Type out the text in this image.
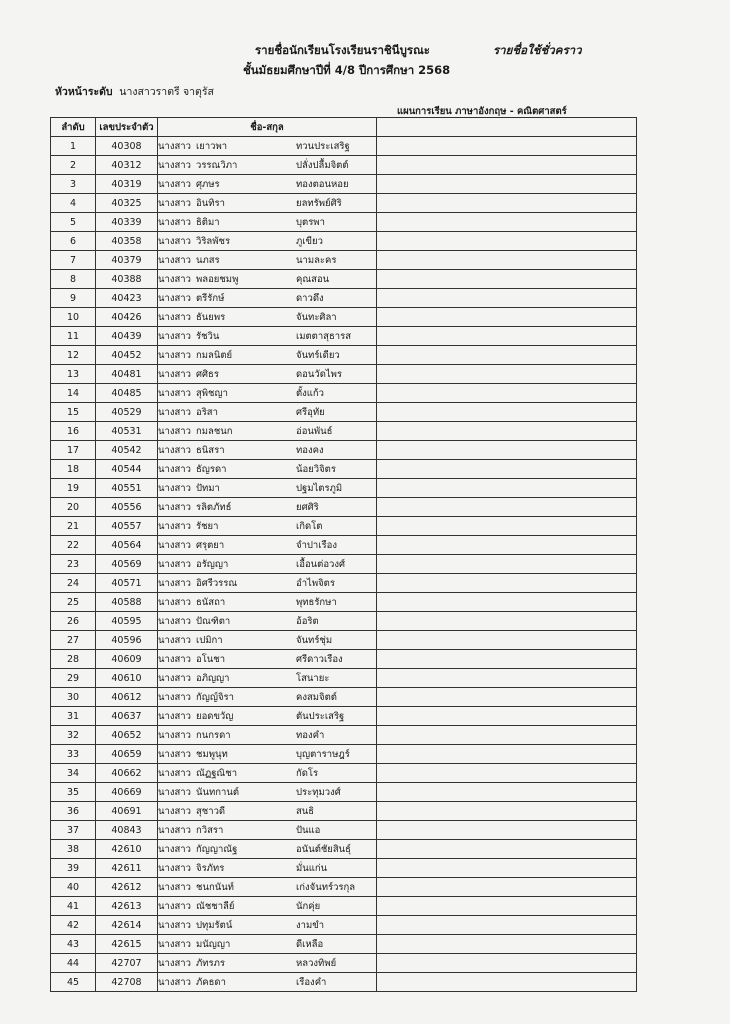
รายชื่อนักเรียนโรงเรียนราชินีบูรณะ	รายชื่อใช้ชั่วคราว
ชั้นมัธยมศึกษาปีที่ 4/8 ปีการศึกษา 2568
หัวหน้าระดับ นางสาวราตรี จาตุรัส
แผนการเรียน ภาษาอังกฤษ - คณิตศาสตร์
ลำดับ	เลขประจำตัว	ชื่อ-สกุล	
1	40308	นางสาว เยาวพา ทวนประเสริฐ	
2	40312	นางสาว วรรณวิภา ปลั่งปลื้มจิตต์	
3	40319	นางสาว ศุภษร ทองตอนหอย	
4	40325	นางสาว อินทิรา ยลทรัพย์ศิริ	
5	40339	นางสาว ธิติมา บุตรพา	
6	40358	นางสาว วิริลพัชร ภูเขียว	
7	40379	นางสาว นภสร นามละคร	
8	40388	นางสาว พลอยชมพู คุณสอน	
9	40423	นางสาว ตรีรักษ์ ดาวดึง	
10	40426	นางสาว ธันยพร จันทะศิลา	
11	40439	นางสาว รัชวิน เมตตาสุธารส	
12	40452	นางสาว กมลนิตย์ จันทร์เดียว	
13	40481	นางสาว ศศิธร ดอนวัดไพร	
14	40485	นางสาว สุพิชญา ตั้งแก้ว	
15	40529	นางสาว อริสา ศรีอุทัย	
16	40531	นางสาว กมลชนก อ่อนพันธ์	
17	40542	นางสาว ธนิสรา ทองคง	
18	40544	นางสาว ธัญรดา น้อยวิจิตร	
19	40551	นางสาว ปัทมา ปฐมไตรภูมิ	
20	40556	นางสาว รลิตภัทธ์ ยศศิริ	
21	40557	นางสาว รัชยา เกิดโต	
22	40564	นางสาว ศรุตยา จำปาเรือง	
23	40569	นางสาว อรัญญา เอื้อนต่อวงศ์	
24	40571	นางสาว อิศรีวรรณ อำไพจิตร	
25	40588	นางสาว ธนัสถา พุทธรักษา	
26	40595	นางสาว ปัณฑิตา อ้อริต	
27	40596	นางสาว เปมิกา จันทร์ชุ่ม	
28	40609	นางสาว อโนชา ศรีดาวเรือง	
29	40610	นางสาว อภิญญา โสนายะ	
30	40612	นางสาว กัญญ์จิรา คงสมจิตต์	
31	40637	นางสาว ยอดขวัญ ตันประเสริฐ	
32	40652	นางสาว กนกรดา ทองคำ	
33	40659	นางสาว ชมพูนุท บุญตาราษฎร์	
34	40662	นางสาว ณัฏฐณิชา กัดโร	
35	40669	นางสาว นันทกานต์ ประทุมวงศ์	
36	40691	นางสาว สุชาวดี สนธิ	
37	40843	นางสาว กวิสรา ปันแอ	
38	42610	นางสาว กัญญาณัฐ อนันต์ชัยสินธุ์	
39	42611	นางสาว จิรภัทร มั่นแก่น	
40	42612	นางสาว ชนกนันท์ เก่งจันทร์วรกุล	
41	42613	นางสาว ณัชชาลีย์ นักคุ่ย	
42	42614	นางสาว ปทุมรัตน์ งามขำ	
43	42615	นางสาว มนัญญา ดีเหลือ	
44	42707	นางสาว ภัทรภร หลวงทิพย์	
45	42708	นางสาว ภัคธดา เรืองคำ	
